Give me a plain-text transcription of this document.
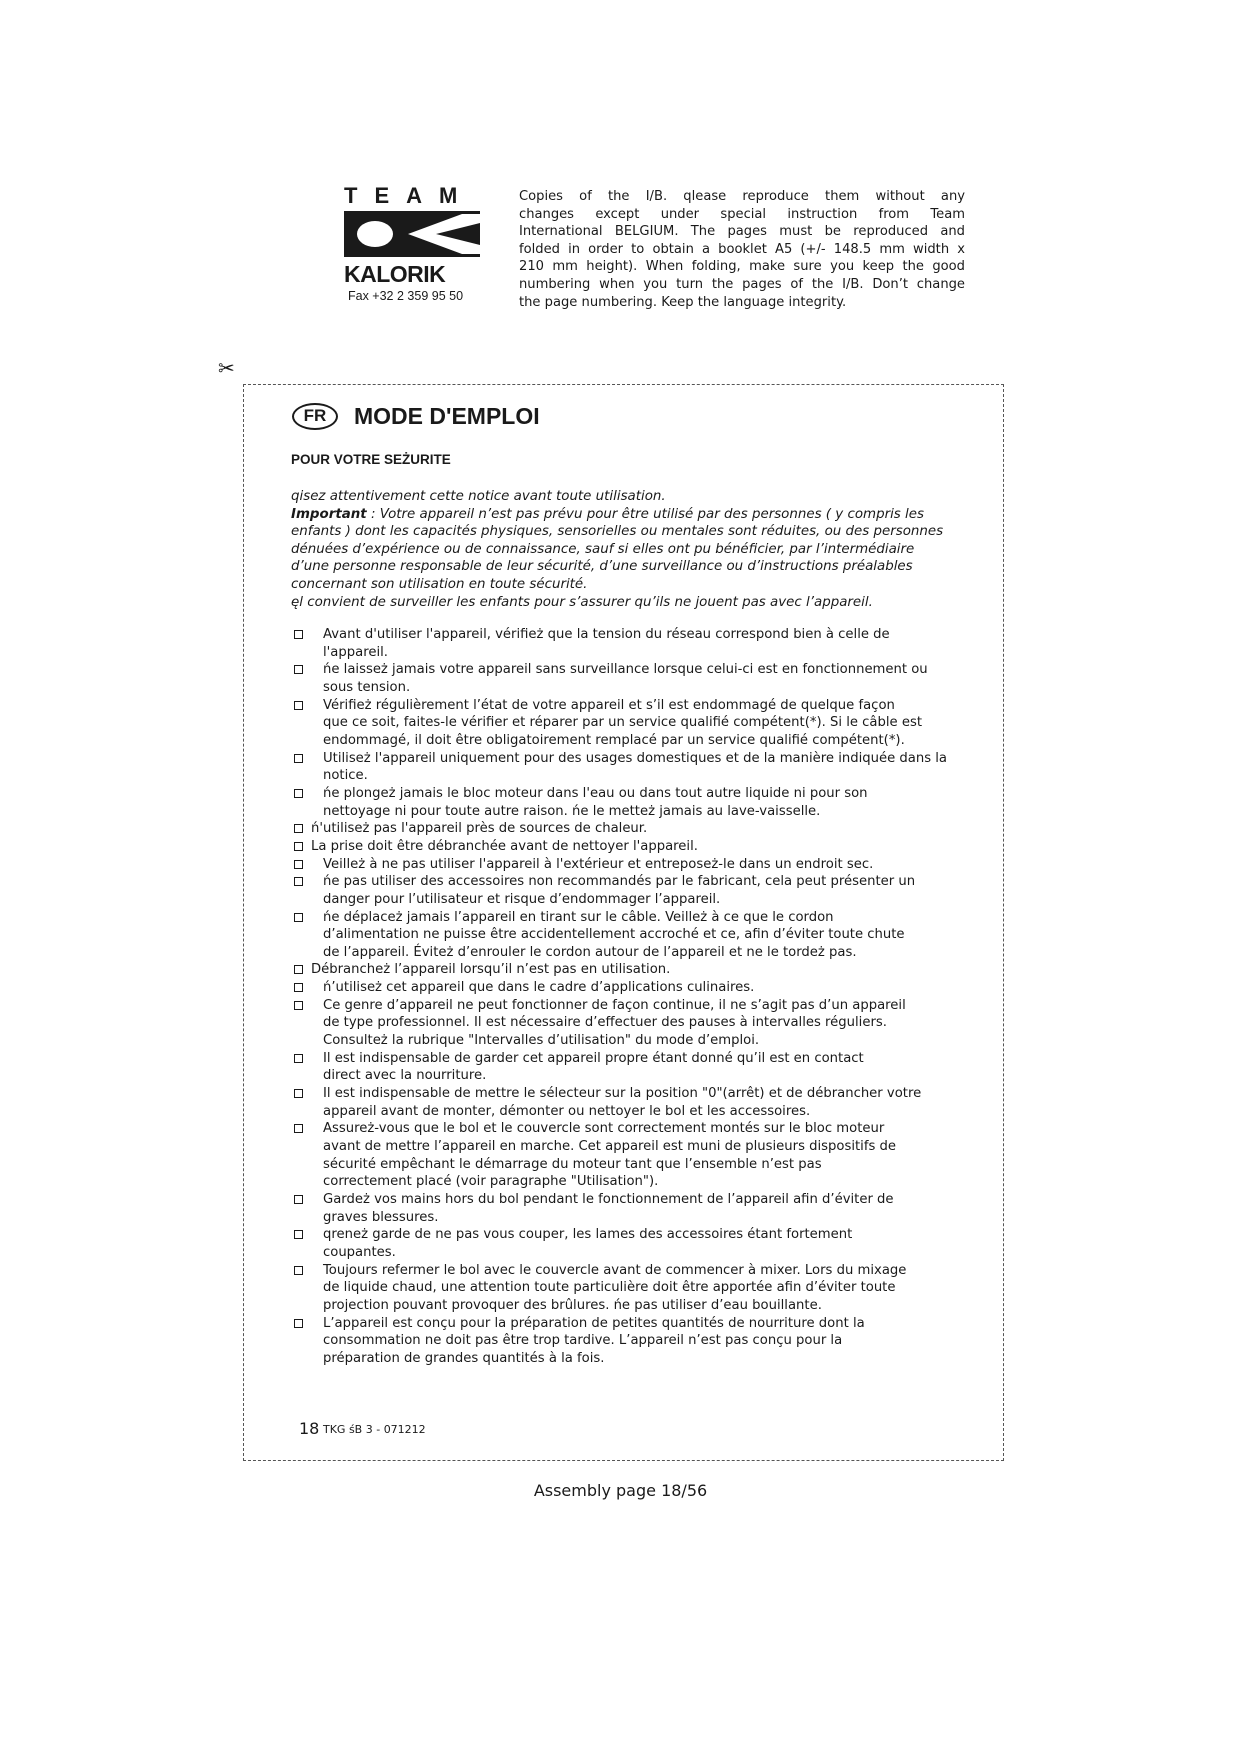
TEAM
KALORIK
Fax +32 2 359 95 50
Copies of the I/B. qlease reproduce them without any
changes except under special instruction from Team
International BELGIUM. The pages must be reproduced and
folded in order to obtain a booklet A5 (+/- 148.5 mm width x
210 mm height). When folding, make sure you keep the good
numbering when you turn the pages of the I/B. Don’t change
the page numbering. Keep the language integrity.
✂
FR	MODE D'EMPLOI
POUR VOTRE SEŻURITE
qisez attentivement cette notice avant toute utilisation.
Important : Votre appareil n’est pas prévu pour être utilisé par des personnes ( y compris les
enfants ) dont les capacités physiques, sensorielles ou mentales sont réduites, ou des personnes
dénuées d’expérience ou de connaissance, sauf si elles ont pu bénéficier, par l’intermédiaire
d’une personne responsable de leur sécurité, d’une surveillance ou d’instructions préalables
concernant son utilisation en toute sécurité.
ęl convient de surveiller les enfants pour s’assurer qu’ils ne jouent pas avec l’appareil.
Avant d'utiliser l'appareil, vérifież que la tension du réseau correspond bien à celle de
l'appareil.
ńe laisseż jamais votre appareil sans surveillance lorsque celui-ci est en fonctionnement ou
sous tension.
Vérifież régulièrement l’état de votre appareil et s’il est endommagé de quelque façon
que ce soit, faites-le vérifier et réparer par un service qualifié compétent(*). Si le câble est
endommagé, il doit être obligatoirement remplacé par un service qualifié compétent(*).
Utiliseż l'appareil uniquement pour des usages domestiques et de la manière indiquée dans la
notice.
ńe plongeż jamais le bloc moteur dans l'eau ou dans tout autre liquide ni pour son
nettoyage ni pour toute autre raison. ńe le metteż jamais au lave-vaisselle.
ń'utiliseż pas l'appareil près de sources de chaleur.
La prise doit être débranchée avant de nettoyer l'appareil.
Veilleż à ne pas utiliser l'appareil à l'extérieur et entreposeż-le dans un endroit sec.
ńe pas utiliser des accessoires non recommandés par le fabricant, cela peut présenter un
danger pour l’utilisateur et risque d’endommager l’appareil.
ńe déplaceż jamais l’appareil en tirant sur le câble. Veilleż à ce que le cordon
d’alimentation ne puisse être accidentellement accroché et ce, afin d’éviter toute chute
de l’appareil. Éviteż d’enrouler le cordon autour de l’appareil et ne le tordeż pas.
Débrancheż l’appareil lorsqu’il n’est pas en utilisation.
ń’utiliseż cet appareil que dans le cadre d’applications culinaires.
Ce genre d’appareil ne peut fonctionner de façon continue, il ne s’agit pas d’un appareil
de type professionnel. Il est nécessaire d’effectuer des pauses à intervalles réguliers.
Consulteż la rubrique "Intervalles d’utilisation" du mode d’emploi.
Il est indispensable de garder cet appareil propre étant donné qu’il est en contact
direct avec la nourriture.
Il est indispensable de mettre le sélecteur sur la position "0"(arrêt) et de débrancher votre
appareil avant de monter, démonter ou nettoyer le bol et les accessoires.
Assureż-vous que le bol et le couvercle sont correctement montés sur le bloc moteur
avant de mettre l’appareil en marche. Cet appareil est muni de plusieurs dispositifs de
sécurité empêchant le démarrage du moteur tant que l’ensemble n’est pas
correctement placé (voir paragraphe "Utilisation").
Gardeż vos mains hors du bol pendant le fonctionnement de l’appareil afin d’éviter de
graves blessures.
qreneż garde de ne pas vous couper, les lames des accessoires étant fortement
coupantes.
Toujours refermer le bol avec le couvercle avant de commencer à mixer. Lors du mixage
de liquide chaud, une attention toute particulière doit être apportée afin d’éviter toute
projection pouvant provoquer des brûlures. ńe pas utiliser d’eau bouillante.
L’appareil est conçu pour la préparation de petites quantités de nourriture dont la
consommation ne doit pas être trop tardive. L’appareil n’est pas conçu pour la
préparation de grandes quantités à la fois.
18 TKG śB 3 - 071212
Assembly page 18/56
